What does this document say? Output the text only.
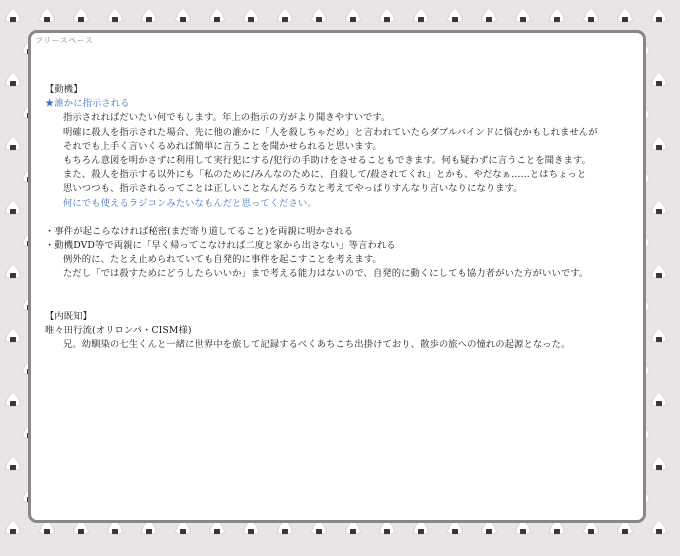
フリースペース
【動機】
★誰かに指示される
指示されればだいたい何でもします。年上の指示の方がより聞きやすいです。
明確に殺人を指示された場合、先に他の誰かに「人を殺しちゃだめ」と言われていたらダブルバインドに悩むかもしれませんが
それでも上手く言いくるめれば簡単に言うことを聞かせられると思います。
もちろん意図を明かさずに利用して実行犯にする/犯行の手助けをさせることもできます。何も疑わずに言うことを聞きます。
また、殺人を指示する以外にも「私のために/みんなのために、自殺して/殺されてくれ」とかも、やだなぁ……とはちょっと
思いつつも、指示されるってことは正しいことなんだろうなと考えてやっぱりすんなり言いなりになります。
何にでも使えるラジコンみたいなもんだと思ってください。
・事件が起こらなければ秘密(まだ寄り道してること)を両親に明かされる
・動機DVD等で両親に「早く帰ってこなければ二度と家から出さない」等言われる
例外的に、たとえ止められていても自発的に事件を起こすことを考えます。
ただし「では殺すためにどうしたらいいか」まで考える能力はないので、自発的に動くにしても協力者がいた方がいいです。
【内既知】
唯々田行流(オリロンパ・CISM様)
兄。幼馴染の七生くんと一緒に世界中を旅して記録するべくあちこち出掛けており、散歩の旅への憧れの起源となった。
